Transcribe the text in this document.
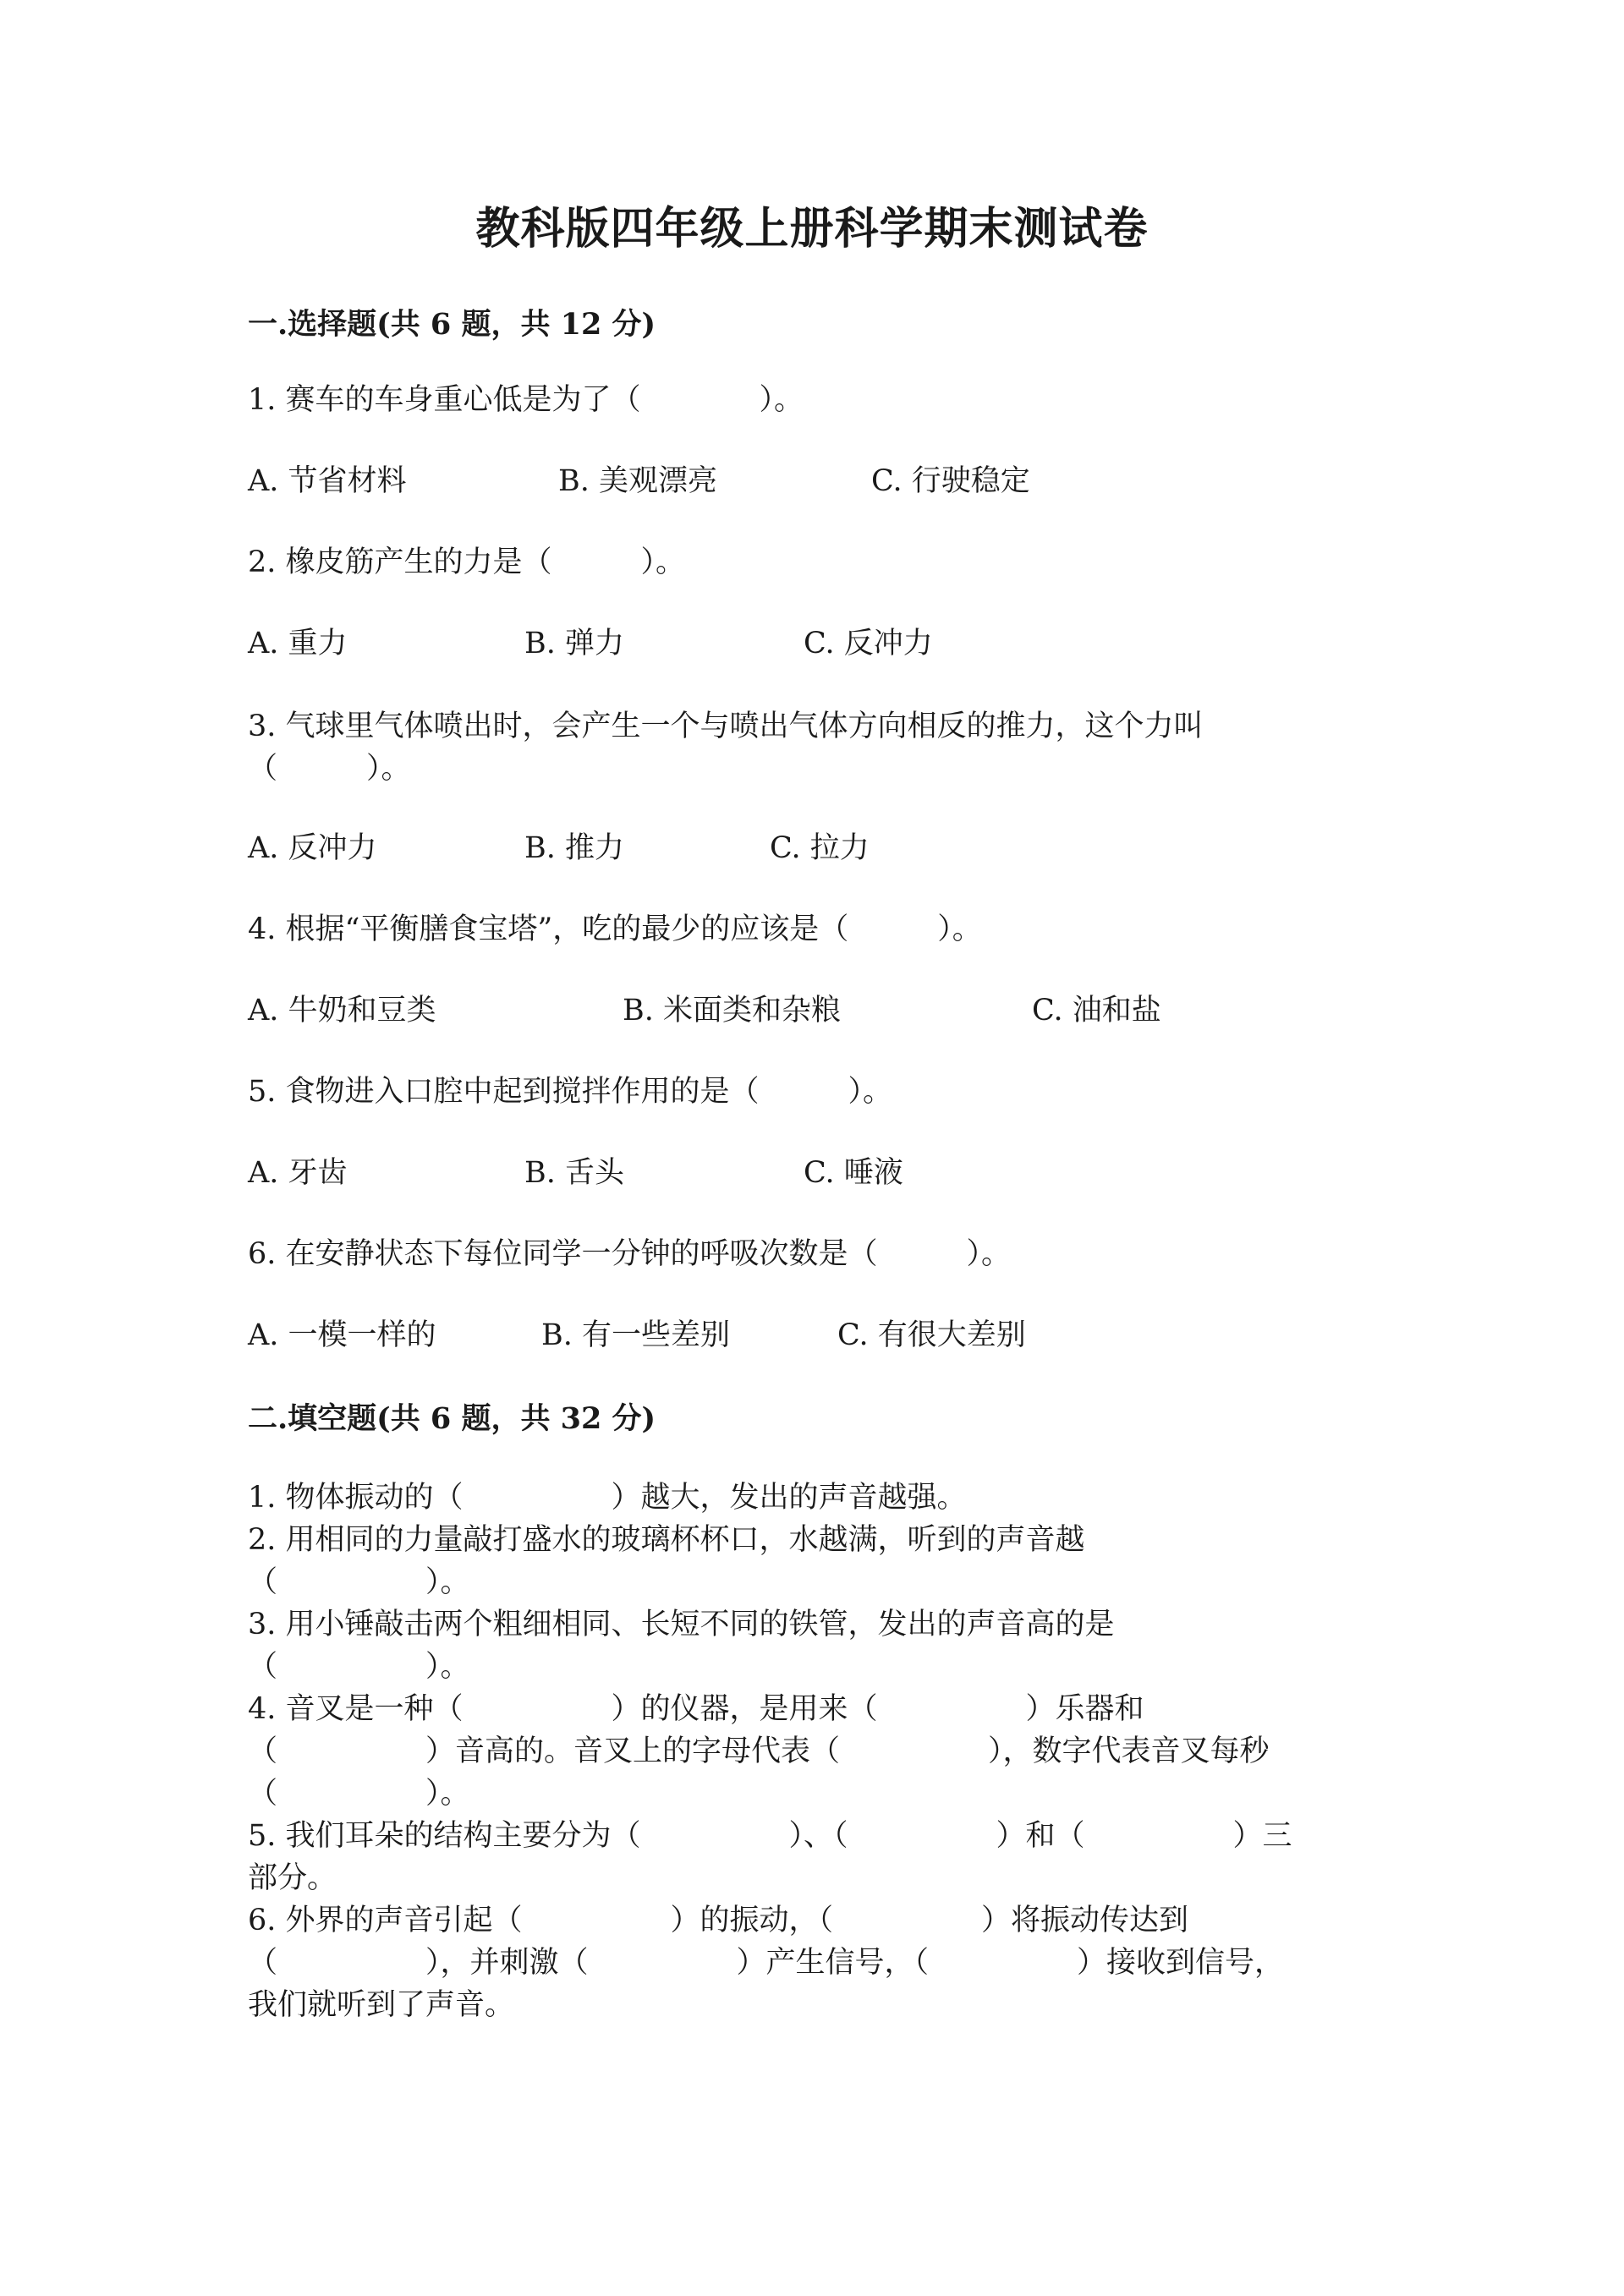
教科版四年级上册科学期末测试卷
一.选择题(共 6 题，共 12 分)
1. 赛车的车身重心低是为了（　　　　）。
A. 节省材料	B. 美观漂亮	C. 行驶稳定
2. 橡皮筋产生的力是（　　　）。
A. 重力	B. 弹力	C. 反冲力
3. 气球里气体喷出时，会产生一个与喷出气体方向相反的推力，这个力叫
（　　　）。
A. 反冲力	B. 推力	C. 拉力
4. 根据“平衡膳食宝塔”，吃的最少的应该是（　　　）。
A. 牛奶和豆类	B. 米面类和杂粮	C. 油和盐
5. 食物进入口腔中起到搅拌作用的是（　　　）。
A. 牙齿	B. 舌头	C. 唾液
6. 在安静状态下每位同学一分钟的呼吸次数是（　　　）。
A. 一模一样的	B. 有一些差别	C. 有很大差别
二.填空题(共 6 题，共 32 分)
1. 物体振动的（　　　　　）越大，发出的声音越强。
2. 用相同的力量敲打盛水的玻璃杯杯口，水越满，听到的声音越
（　　　　　）。
3. 用小锤敲击两个粗细相同、长短不同的铁管，发出的声音高的是
（　　　　　）。
4. 音叉是一种（　　　　　）的仪器，是用来（　　　　　）乐器和
（　　　　　）音高的。音叉上的字母代表（　　　　　），数字代表音叉每秒
（　　　　　）。
5. 我们耳朵的结构主要分为（　　　　　）、（　　　　　）和（　　　　　）三
部分。
6. 外界的声音引起（　　　　　）的振动，（　　　　　）将振动传达到
（　　　　　），并刺激（　　　　　）产生信号，（　　　　　）接收到信号，
我们就听到了声音。
